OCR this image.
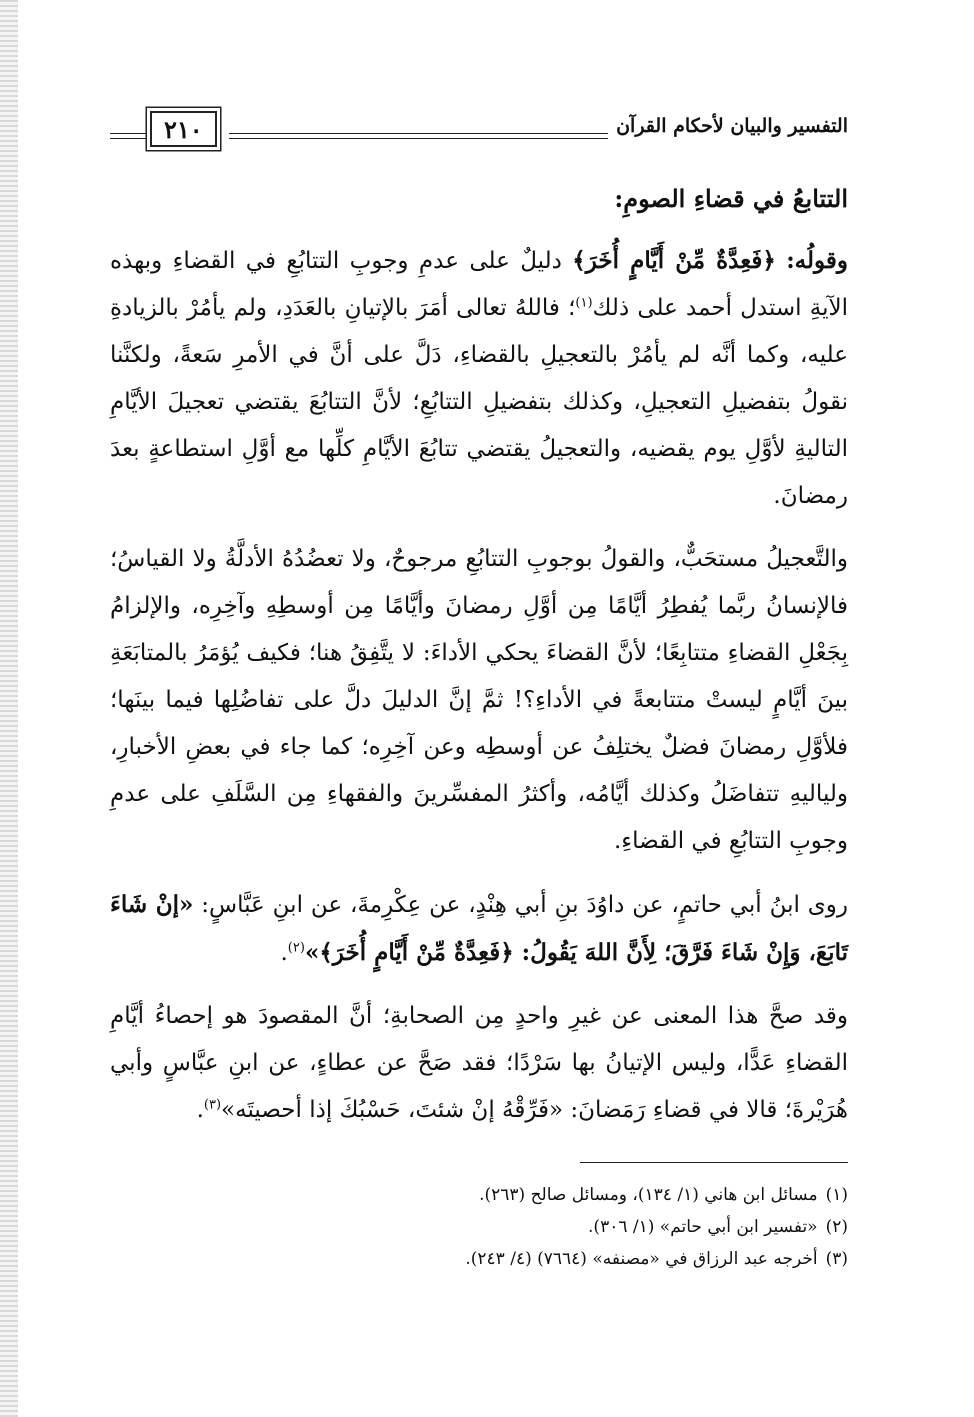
التفسير والبيان لأحكام القرآن
٢١٠
التتابعُ في قضاءِ الصومِ:

وقولُه: ﴿فَعِدَّةٌ مِّنْ أَيَّامٍ أُخَرَ﴾ دليلٌ على عدمِ وجوبِ التتابُعِ في القضاءِ وبهذه الآيةِ استدل أحمد على ذلك$^{(١)}$؛ فاللهُ تعالى أمَرَ بالإتيانِ بالعَدَدِ، ولم يأمُرْ بالزيادةِ عليه، وكما أنَّه لم يأمُرْ بالتعجيلِ بالقضاءِ، دَلَّ على أنَّ في الأمرِ سَعةً، ولكنَّنا نقولُ بتفضيلِ التعجيلِ، وكذلك بتفضيلِ التتابُعِ؛ لأنَّ التتابُعَ يقتضي تعجيلَ الأيَّامِ التاليةِ لأوَّلِ يوم يقضيه، والتعجيلُ يقتضي تتابُعَ الأيَّامِ كلِّها مع أوَّلِ استطاعةٍ بعدَ رمضانَ.

والتَّعجيلُ مستحَبٌّ، والقولُ بوجوبِ التتابُعِ مرجوحٌ، ولا تعضُدُهُ الأدلَّةُ ولا القياسُ؛ فالإنسانُ ربَّما يُفطِرُ أيَّامًا مِن أوَّلِ رمضانَ وأيَّامًا مِن أوسطِهِ وآخِرِه، والإلزامُ بِجَعْلِ القضاءِ متتابِعًا؛ لأنَّ القضاءَ يحكي الأداءَ: لا يتَّفِقُ هنا؛ فكيف يُؤمَرُ بالمتابَعَةِ بينَ أيَّامٍ ليستْ متتابعةً في الأداءِ؟! ثمَّ إنَّ الدليلَ دلَّ على تفاضُلِها فيما بينَها؛ فلأوَّلِ رمضانَ فضلٌ يختلِفُ عن أوسطِه وعن آخِرِه؛ كما جاء في بعضِ الأخبارِ، ولياليهِ تتفاضَلُ وكذلك أيَّامُه، وأكثرُ المفسِّرينَ والفقهاءِ مِن السَّلَفِ على عدمِ وجوبِ التتابُعِ في القضاءِ.

روى ابنُ أبي حاتمٍ، عن داوُدَ بنِ أبي هِنْدٍ، عن عِكْرِمةَ، عن ابنِ عَبَّاسٍ: «إنْ شَاءَ تَابَعَ، وَإِنْ شَاءَ فَرَّقَ؛ لِأَنَّ اللهَ يَقُولُ: ﴿فَعِدَّةٌ مِّنْ أَيَّامٍ أُخَرَ﴾»$^{(٢)}$.

وقد صحَّ هذا المعنى عن غيرِ واحدٍ مِن الصحابةِ؛ أنَّ المقصودَ هو إحصاءُ أيَّامِ القضاءِ عَدًّا، وليس الإتيانُ بها سَرْدًا؛ فقد صَحَّ عن عطاءٍ، عن ابنِ عبَّاسٍ وأبي هُرَيْرةَ؛ قالا في قضاءِ رَمَضانَ: «فَرِّقْهُ إنْ شئتَ، حَسْبُكَ إذا أحصيتَه»$^{(٣)}$.

(١)مسائل ابن هاني (١/ ١٣٤)، ومسائل صالح (٢٦٣).

(٢)«تفسير ابن أبي حاتم» (١/ ٣٠٦).

(٣)أخرجه عبد الرزاق في «مصنفه» (٧٦٦٤) (٤/ ٢٤٣).
